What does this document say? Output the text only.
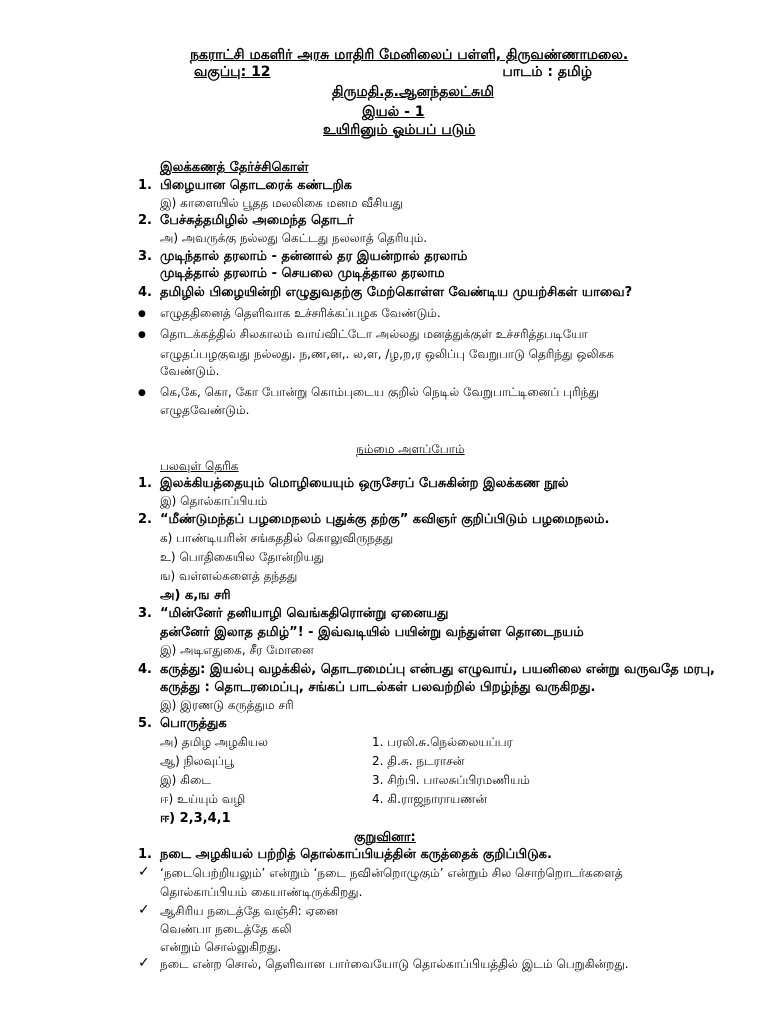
நகராட்சி மகளிர் அரசு மாதிரி மேனிலைப் பள்ளி, திருவண்ணாமலை.
வகுப்பு: 12	பாடம் : தமிழ்
திருமதி.த.ஆனந்தலட்சுமி
இயல் - 1
உயிரினும் ஓம்பப் படும்
இலக்கணத் தேர்ச்சிகொள்
1. பிழையான தொடரைக் கண்டறிக
இ) காளையில் பூதத மலலிகை மனம வீசியது
2. பேச்சுத்தமிழில் அமைந்த தொடர்
அ) அவருக்கு நல்லது கெட்டது நலலாத் தெரியும்.
3. முடிந்தால் தரலாம் - தன்னால் தர இயன்றால் தரலாம்
முடித்தால் தரலாம் - செயலை முடித்தால தரலாம
4. தமிழில் பிழையின்றி எழுதுவதற்கு மேற்கொள்ள வேண்டிய முயற்சிகள் யாவை?
● எழுததினைத் தெளிவாக உச்சரிக்கப்பழக வேண்டும்.
● தொடக்கத்தில் சிலகாலம் வாய்விட்டோ அல்லது மனத்துக்குள் உச்சரித்தபடியோ
எழுதப்பழகுவது நல்லது. ந,ண,ன,. ல,ள, /ழ,ற,ர ஒலிப்பு வேறுபாடு தெரிந்து ஒலிகக
வேண்டும்.
● கெ,கே, கொ, கோ போன்று கொம்புடைய குறில் நெடில் வேறுபாட்டினைப் புரிந்து
எழுதவேண்டும்.
நம்மை அளப்போம்
பலவுள் தெரிக
1. இலக்கியத்தையும் மொழியையும் ஒருசேரப் பேசுகின்ற இலக்கண நூல்
இ) தொல்காப்பியம்
2. “மீண்டுமந்தப் பழமைநலம் புதுக்கு தற்கு” கவிஞர் குறிப்பிடும் பழமைநலம்.
க) பாண்டியரின் சங்கததில் கொலுவிருநதது
உ) பொதிகையில தோன்றியது
ங) வள்ளல்களைத் தந்தது
அ) க,ங சரி
3. “மின்னேர் தனியாழி வெங்கதிரொன்று ஏனையது
தன்னேர் இலாத தமிழ்”! - இவ்வடியில் பயின்று வந்துள்ள தொடைநயம்
இ) அடிஎதுகை, சீர மோனை
4. கருத்து: இயல்பு வழக்கில், தொடரமைப்பு என்பது எழுவாய், பயனிலை என்று வருவதே மரபு,
கருத்து : தொடரமைப்பு, சங்கப் பாடல்கள் பலவற்றில் பிறழ்ந்து வருகிறது.
இ) இரணடு கருத்தும சரி
5. பொருத்துக
அ) தமிழ அழகியல	1. பரலி.சு.நெல்லையப்பர
ஆ) நிலவுப்பூ	2. தி.சு. நடராசன்
இ) கிடை	3. சிற்பி. பாலசுப்பிரமணியம்
ஈ) உய்யும் வழி	4. கி.ராஜநாராயணன்
ஈ) 2,3,4,1
குறுவினா:
1. நடை அழகியல் பற்றித் தொல்காப்பியத்தின் கருத்தைக் குறிப்பிடுக.
✓ ‘நடைபெற்றியலும்’ என்றும் ‘நடை நவின்றொழுகும்’ என்றும் சில சொற்றொடர்களைத்
தொல்காப்பியம் கையாண்டிருக்கிறது.
✓ ஆசிரிய நடைத்தே வஞ்சி: ஏனை
வெண்பா நடைத்தே கலி
என்றும் சொல்லுகிறது.
✓ நடை என்ற சொல், தெளிவான பார்வையோடு தொல்காப்பியத்தில் இடம் பெறுகின்றது.
